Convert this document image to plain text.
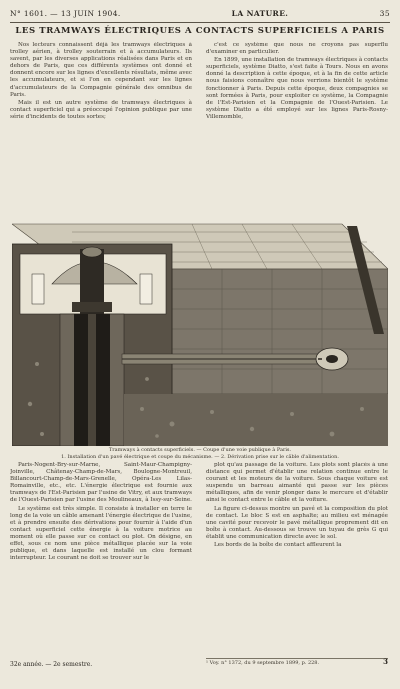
N° 1601. — 13 JUIN 1904.	LA NATURE.	35
LES TRAMWAYS ÉLECTRIQUES A CONTACTS SUPERFICIELS A PARIS

Nos lecteurs connaissent déjà les tramways électriques à trolley aérien, à trolley souterrain et à accumulateurs. Ils savent, par les diverses applications réalisées dans Paris et en dehors de Paris, que ces différents systèmes ont donné et donnent encore sur les lignes d'excellents résultats, même avec les accumulateurs, et si l'on en cependant sur les lignes d'accumulateurs de la Compagnie générale des omnibus de Paris.

Mais il est un autre système de tramways électriques à contact superficiel qui a préoccupé l'opinion publique par une série d'incidents de toutes sortes;

c'est ce système que nous ne croyons pas superflu d'examiner en particulier.

En 1899, une installation de tramways électriques à contacts superficiels, système Diatto, s'est faite à Tours. Nous en avons donné la description à cette époque, et à la fin de cette article nous faisions connaître que nous verrions bientôt le système fonctionner à Paris. Depuis cette époque, deux compagnies se sont formées à Paris, pour exploiter ce système, la Compagnie de l'Est-Parisien et la Compagnie de l'Ouest-Parisien. Le système Diatto a été employé sur les lignes Paris-Rosny-Villemomble,

Tramways à contacts superficiels. — Coupe d'une voie publique à Paris.
1. Installation d'un pavé électrique et coupe du mécanisme. — 2. Dérivation prise sur le câble d'alimentation.

Paris-Nogent-Bry-sur-Marne, Saint-Maur-Champigny-Joinville, Châtenay-Champ-de-Mars, Boulogne-Montreuil, Billancourt-Champ-de-Mars-Grenelle, Opéra-Les Lilas-Romainville, etc., etc. L'énergie électrique est fournie aux tramways de l'Est-Parisien par l'usine de Vitry, et aux tramways de l'Ouest-Parisien par l'usine des Moulineaux, à Issy-sur-Seine.

Le système est très simple. Il consiste à installer en terre le long de la voie un câble amenant l'énergie électrique de l'usine, et à prendre ensuite des dérivations pour fournir à l'aide d'un contact superficiel cette énergie à la voiture motrice au moment où elle passe sur ce contact ou plot. On désigne, en effet, sous ce nom une pièce métallique placée sur la voie publique, et dans laquelle est installé un clou formant interrupteur. Le courant ne doit se trouver sur le

plot qu'au passage de la voiture. Les plots sont placés à une distance qui permet d'établir une relation continue entre le courant et les moteurs de la voiture. Sous chaque voiture est suspendu un barreau aimanté qui passe sur les pièces métalliques, afin de venir plonger dans le mercure et d'établir ainsi le contact entre le câble et la voiture.

La figure ci-dessus montre un pavé et la composition du plot de contact. Le bloc S est en asphalte; au milieu est ménagée une cavité pour recevoir le pavé métallique proprement dit en boîte à contact. Au-dessous se trouve un tuyau de grès G qui établit une communication directe avec le sol.

Les bords de la boîte de contact affleurent la

¹ Voy. n° 1372, du 9 septembre 1899, p. 228.
32e année. — 2e semestre.	3
